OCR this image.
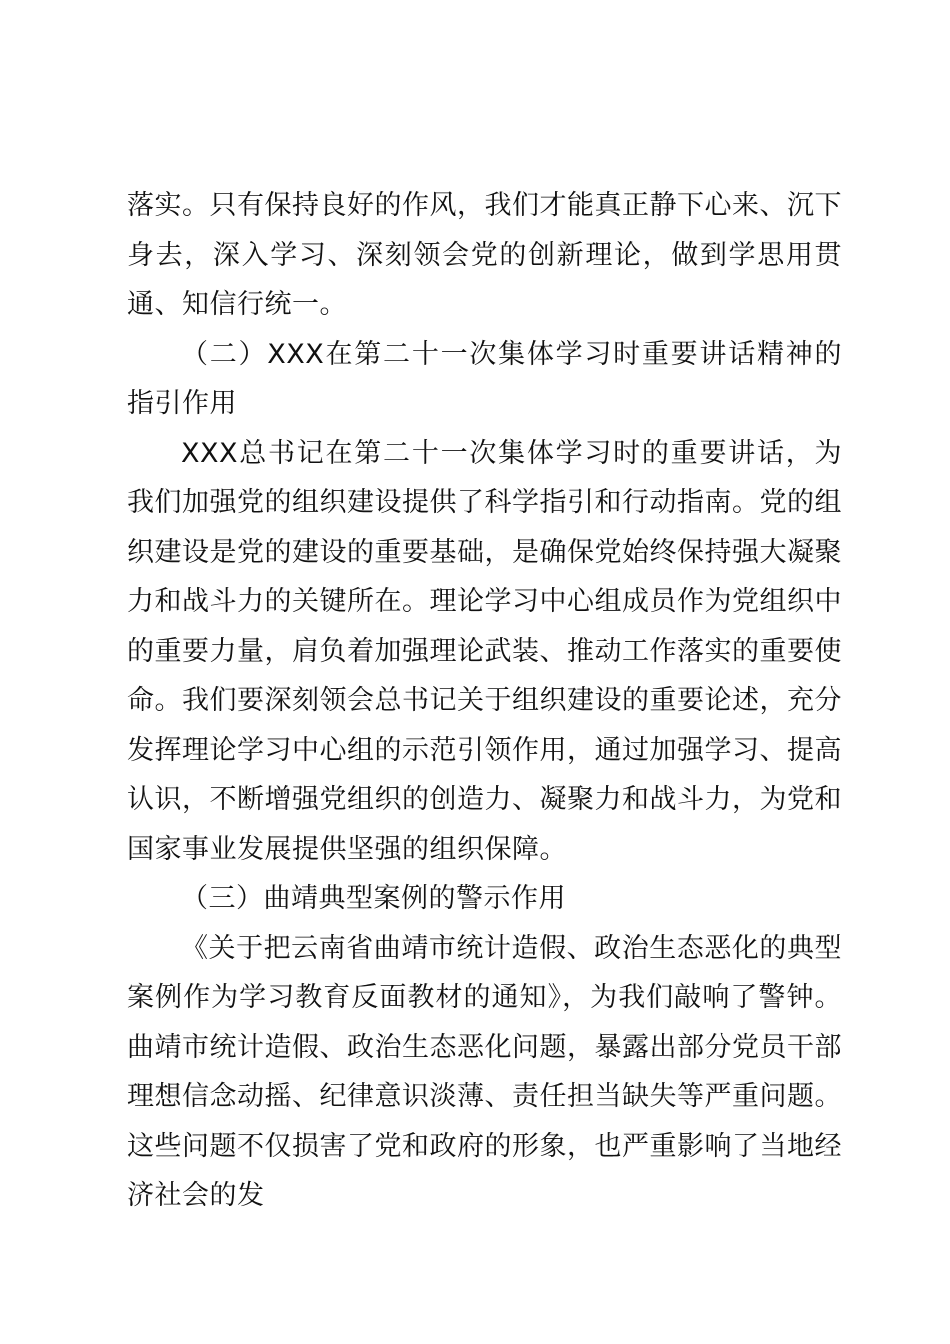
落实。只有保持良好的作风，我们才能真正静下心来、沉下身去，深入学习、深刻领会党的创新理论，做到学思用贯通、知信行统一。

（二）XXX在第二十一次集体学习时重要讲话精神的指引作用

XXX总书记在第二十一次集体学习时的重要讲话，为我们加强党的组织建设提供了科学指引和行动指南。党的组织建设是党的建设的重要基础，是确保党始终保持强大凝聚力和战斗力的关键所在。理论学习中心组成员作为党组织中的重要力量，肩负着加强理论武装、推动工作落实的重要使命。我们要深刻领会总书记关于组织建设的重要论述，充分发挥理论学习中心组的示范引领作用，通过加强学习、提高认识，不断增强党组织的创造力、凝聚力和战斗力，为党和国家事业发展提供坚强的组织保障。

（三）曲靖典型案例的警示作用

《关于把云南省曲靖市统计造假、政治生态恶化的典型案例作为学习教育反面教材的通知》，为我们敲响了警钟。曲靖市统计造假、政治生态恶化问题，暴露出部分党员干部理想信念动摇、纪律意识淡薄、责任担当缺失等严重问题。这些问题不仅损害了党和政府的形象，也严重影响了当地经济社会的发
